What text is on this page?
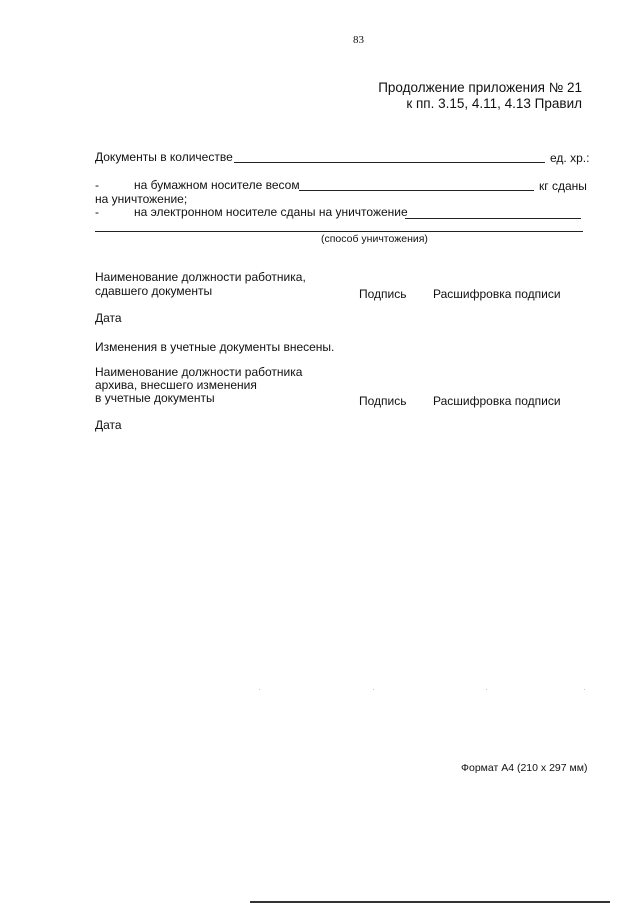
83
Продолжение приложения № 21
к пп. 3.15, 4.11, 4.13 Правил
Документы в количестве	ед. хр.:
-	на бумажном носителе весом	кг сданы
на уничтожение;
-	на электронном носителе сданы на уничтожение
(способ уничтожения)
Наименование должности работника,
сдавшего документы	Подпись Расшифровка подписи
Дата
Изменения в учетные документы внесены.
Наименование должности работника
архива, внесшего изменения
в учетные документы	Подпись Расшифровка подписи
Дата
·	·	·	·
Формат А4 (210 х 297 мм)
